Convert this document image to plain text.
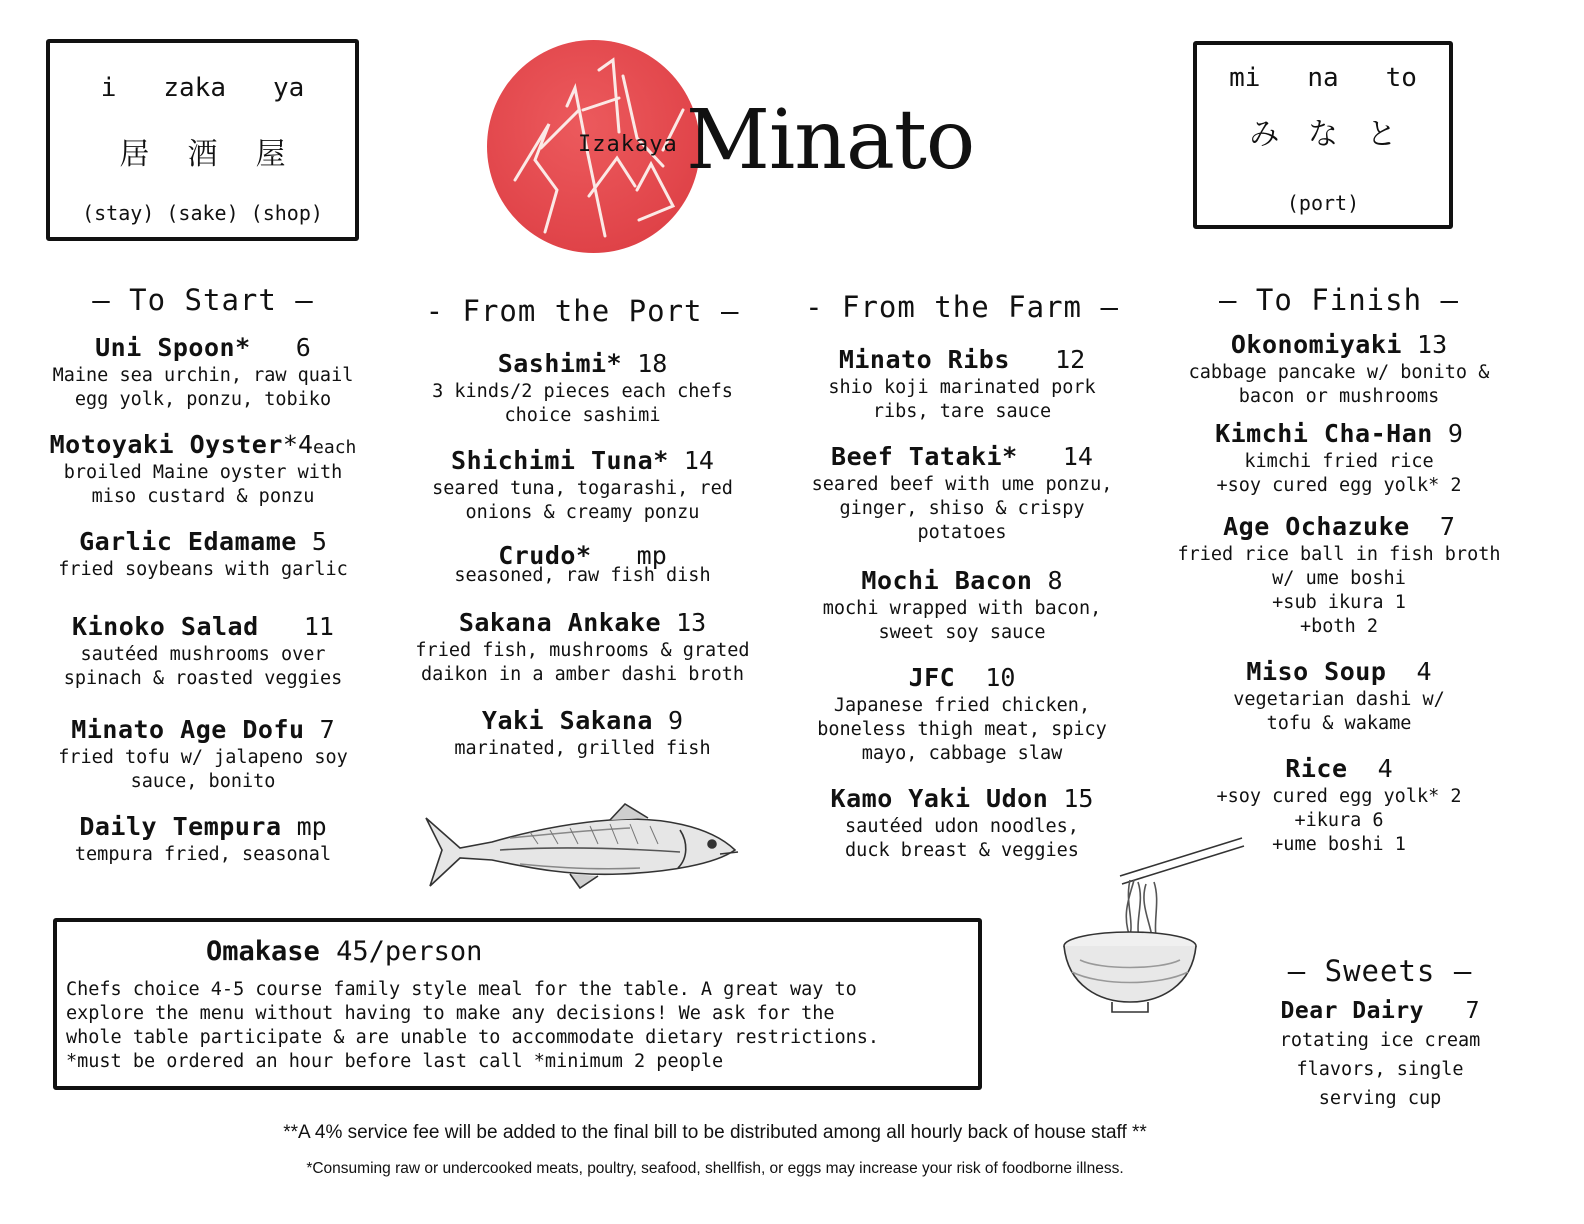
i zaka ya
居 酒 屋
(stay) (sake) (shop)
mi na to
み な と
(port)
Izakaya Minato
– To Start –
Uni Spoon* 6
Maine sea urchin, raw quail
egg yolk, ponzu, tobiko
Motoyaki Oyster*4each
broiled Maine oyster with
miso custard & ponzu
Garlic Edamame 5
fried soybeans with garlic
Kinoko Salad 11
sautéed mushrooms over
spinach & roasted veggies
Minato Age Dofu 7
fried tofu w/ jalapeno soy
sauce, bonito
Daily Tempura mp
tempura fried, seasonal
- From the Port –
Sashimi* 18
3 kinds/2 pieces each chefs
choice sashimi
Shichimi Tuna* 14
seared tuna, togarashi, red
onions & creamy ponzu
Crudo* mp
seasoned, raw fish dish
Sakana Ankake 13
fried fish, mushrooms & grated
daikon in a amber dashi broth
Yaki Sakana 9
marinated, grilled fish
- From the Farm –
Minato Ribs 12
shio koji marinated pork
ribs, tare sauce
Beef Tataki* 14
seared beef with ume ponzu,
ginger, shiso & crispy
potatoes
Mochi Bacon 8
mochi wrapped with bacon,
sweet soy sauce
JFC 10
Japanese fried chicken,
boneless thigh meat, spicy
mayo, cabbage slaw
Kamo Yaki Udon 15
sautéed udon noodles,
duck breast & veggies
– To Finish –
Okonomiyaki 13
cabbage pancake w/ bonito &
bacon or mushrooms
Kimchi Cha-Han 9
kimchi fried rice
+soy cured egg yolk* 2
Age Ochazuke 7
fried rice ball in fish broth
w/ ume boshi
+sub ikura 1
+both 2
Miso Soup 4
vegetarian dashi w/
tofu & wakame
Rice 4
+soy cured egg yolk* 2
+ikura 6
+ume boshi 1
– Sweets –
Dear Dairy 7
rotating ice cream
flavors, single
serving cup
Omakase 45/person
Chefs choice 4-5 course family style meal for the table. A great way to
explore the menu without having to make any decisions! We ask for the
whole table participate & are unable to accommodate dietary restrictions.
*must be ordered an hour before last call *minimum 2 people
**A 4% service fee will be added to the final bill to be distributed among all hourly back of house staff **
*Consuming raw or undercooked meats, poultry, seafood, shellfish, or eggs may increase your risk of foodborne illness.
